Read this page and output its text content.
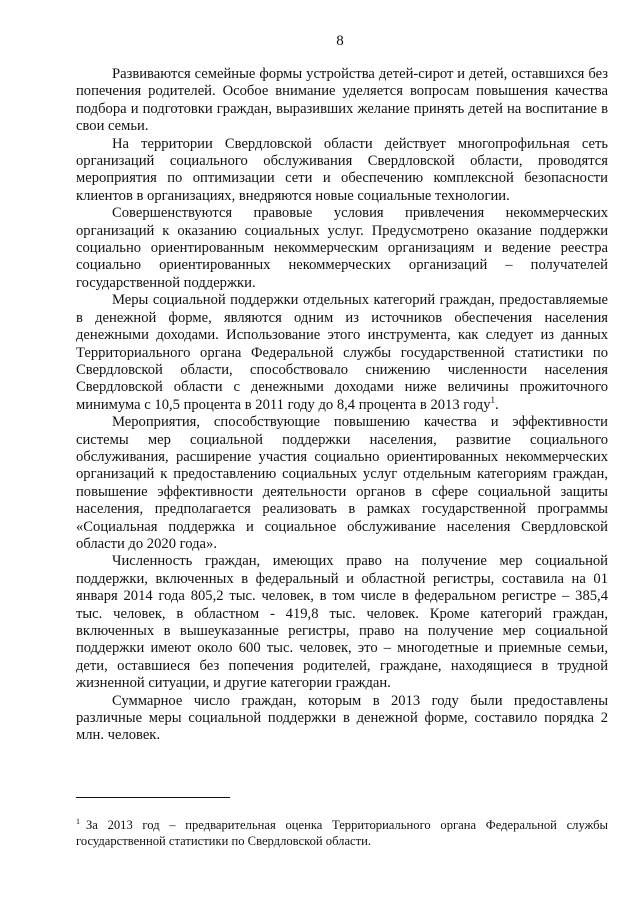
8

Развиваются семейные формы устройства детей-сирот и детей, оставшихся без попечения родителей. Особое внимание уделяется вопросам повышения качества подбора и подготовки граждан, выразивших желание принять детей на воспитание в свои семьи.

На территории Свердловской области действует многопрофильная сеть организаций социального обслуживания Свердловской области, проводятся мероприятия по оптимизации сети и обеспечению комплексной безопасности клиентов в организациях, внедряются новые социальные технологии.

Совершенствуются правовые условия привлечения некоммерческих организаций к оказанию социальных услуг. Предусмотрено оказание поддержки социально ориентированным некоммерческим организациям и ведение реестра социально ориентированных некоммерческих организаций – получателей государственной поддержки.

Меры социальной поддержки отдельных категорий граждан, предоставляемые в денежной форме, являются одним из источников обеспечения населения денежными доходами. Использование этого инструмента, как следует из данных Территориального органа Федеральной службы государственной статистики по Свердловской области, способствовало снижению численности населения Свердловской области с денежными доходами ниже величины прожиточного минимума с 10,5 процента в 2011 году до 8,4 процента в 2013 году$^1$.

Мероприятия, способствующие повышению качества и эффективности системы мер социальной поддержки населения, развитие социального обслуживания, расширение участия социально ориентированных некоммерческих организаций к предоставлению социальных услуг отдельным категориям граждан, повышение эффективности деятельности органов в сфере социальной защиты населения, предполагается реализовать в рамках государственной программы «Социальная поддержка и социальное обслуживание населения Свердловской области до 2020 года».

Численность граждан, имеющих право на получение мер социальной поддержки, включенных в федеральный и областной регистры, составила на 01 января 2014 года 805,2 тыс. человек, в том числе в федеральном регистре – 385,4 тыс. человек, в областном - 419,8 тыс. человек. Кроме категорий граждан, включенных в вышеуказанные регистры, право на получение мер социальной поддержки имеют около 600 тыс. человек, это – многодетные и приемные семьи, дети, оставшиеся без попечения родителей, граждане, находящиеся в трудной жизненной ситуации, и другие категории граждан.

Суммарное число граждан, которым в 2013 году были предоставлены различные меры социальной поддержки в денежной форме, составило порядка 2 млн. человек.

$^1$ За 2013 год – предварительная оценка Территориального органа Федеральной службы государственной статистики по Свердловской области.
